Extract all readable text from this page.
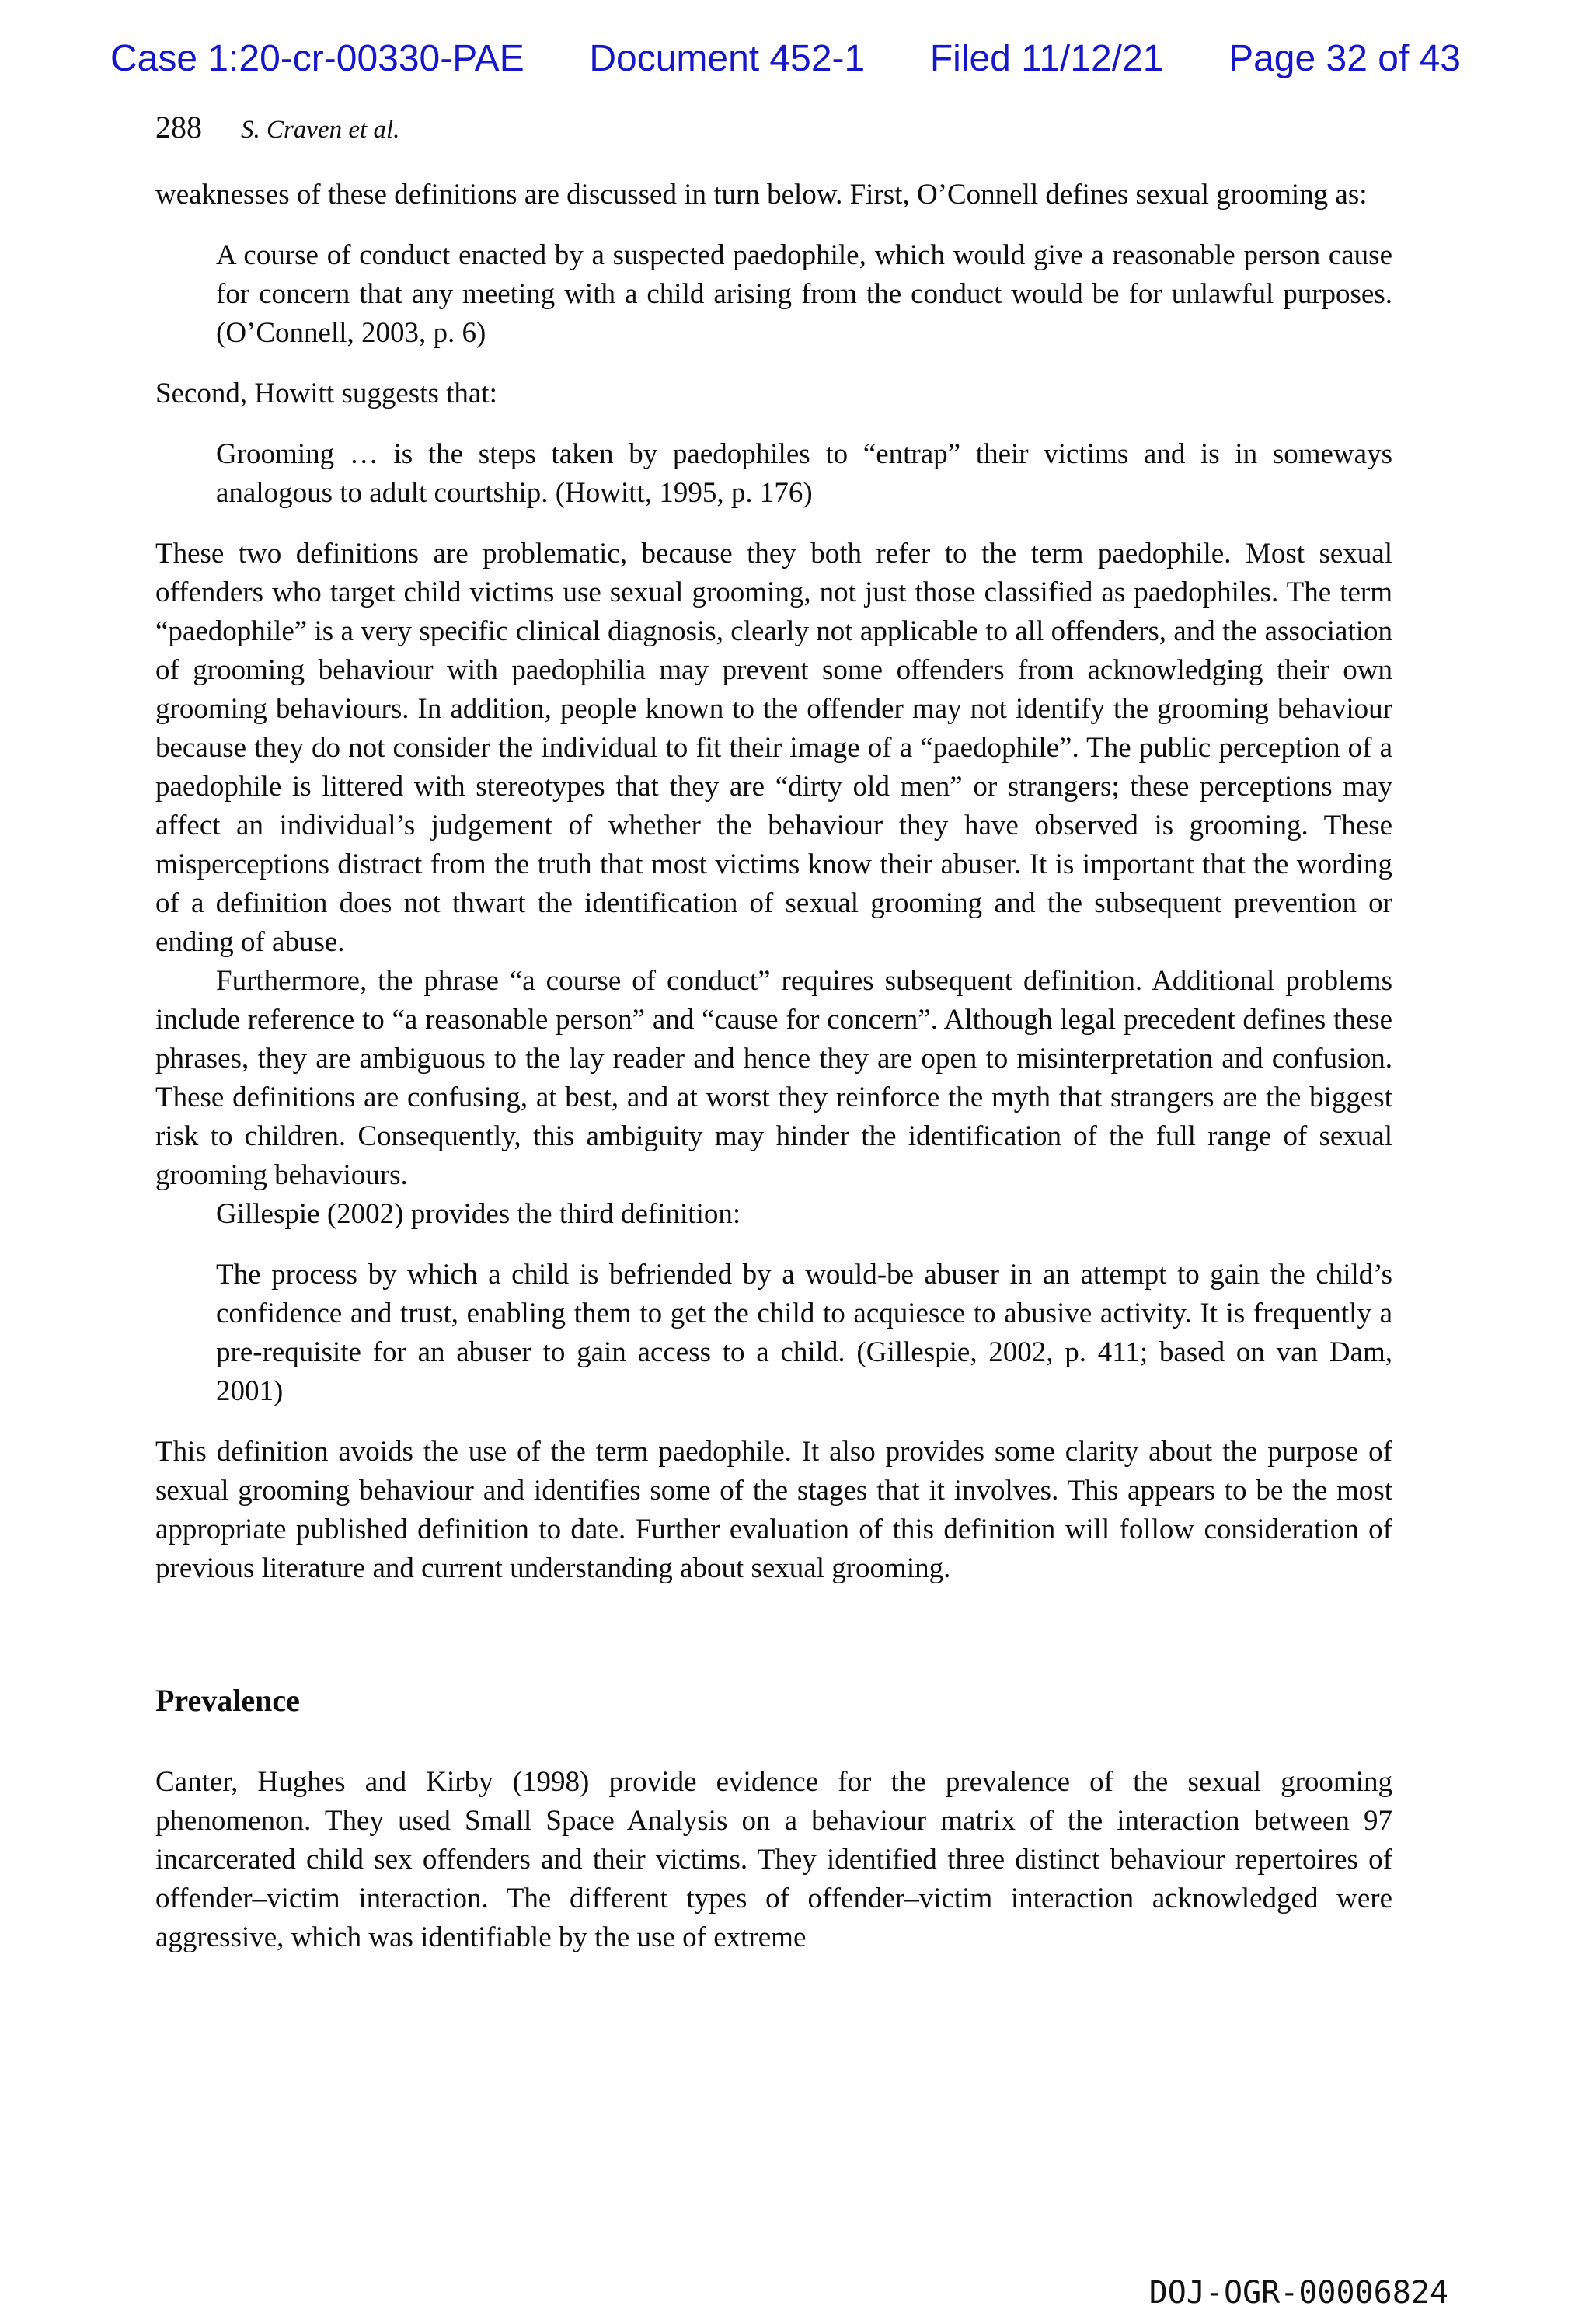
Case 1:20-cr-00330-PAE Document 452-1 Filed 11/12/21 Page 32 of 43
288 S. Craven et al.

weaknesses of these definitions are discussed in turn below. First, O’Connell defines sexual grooming as:

A course of conduct enacted by a suspected paedophile, which would give a reasonable person cause for concern that any meeting with a child arising from the conduct would be for unlawful purposes. (O’Connell, 2003, p. 6)

Second, Howitt suggests that:

Grooming … is the steps taken by paedophiles to “entrap” their victims and is in someways analogous to adult courtship. (Howitt, 1995, p. 176)

These two definitions are problematic, because they both refer to the term paedophile. Most sexual offenders who target child victims use sexual grooming, not just those classified as paedophiles. The term “paedophile” is a very specific clinical diagnosis, clearly not applicable to all offenders, and the association of grooming behaviour with paedophilia may prevent some offenders from acknowledging their own grooming behaviours. In addition, people known to the offender may not identify the grooming behaviour because they do not consider the individual to fit their image of a “paedophile”. The public perception of a paedophile is littered with stereotypes that they are “dirty old men” or strangers; these perceptions may affect an individual’s judgement of whether the behaviour they have observed is grooming. These misperceptions distract from the truth that most victims know their abuser. It is important that the wording of a definition does not thwart the identification of sexual grooming and the subsequent prevention or ending of abuse.

Furthermore, the phrase “a course of conduct” requires subsequent definition. Additional problems include reference to “a reasonable person” and “cause for concern”. Although legal precedent defines these phrases, they are ambiguous to the lay reader and hence they are open to misinterpretation and confusion. These definitions are confusing, at best, and at worst they reinforce the myth that strangers are the biggest risk to children. Consequently, this ambiguity may hinder the identification of the full range of sexual grooming behaviours.

Gillespie (2002) provides the third definition:

The process by which a child is befriended by a would-be abuser in an attempt to gain the child’s confidence and trust, enabling them to get the child to acquiesce to abusive activity. It is frequently a pre-requisite for an abuser to gain access to a child. (Gillespie, 2002, p. 411; based on van Dam, 2001)

This definition avoids the use of the term paedophile. It also provides some clarity about the purpose of sexual grooming behaviour and identifies some of the stages that it involves. This appears to be the most appropriate published definition to date. Further evaluation of this definition will follow consideration of previous literature and current understanding about sexual grooming.

Prevalence

Canter, Hughes and Kirby (1998) provide evidence for the prevalence of the sexual grooming phenomenon. They used Small Space Analysis on a behaviour matrix of the interaction between 97 incarcerated child sex offenders and their victims. They identified three distinct behaviour repertoires of offender–victim interaction. The different types of offender–victim interaction acknowledged were aggressive, which was identifiable by the use of extreme

DOJ-OGR-00006824
